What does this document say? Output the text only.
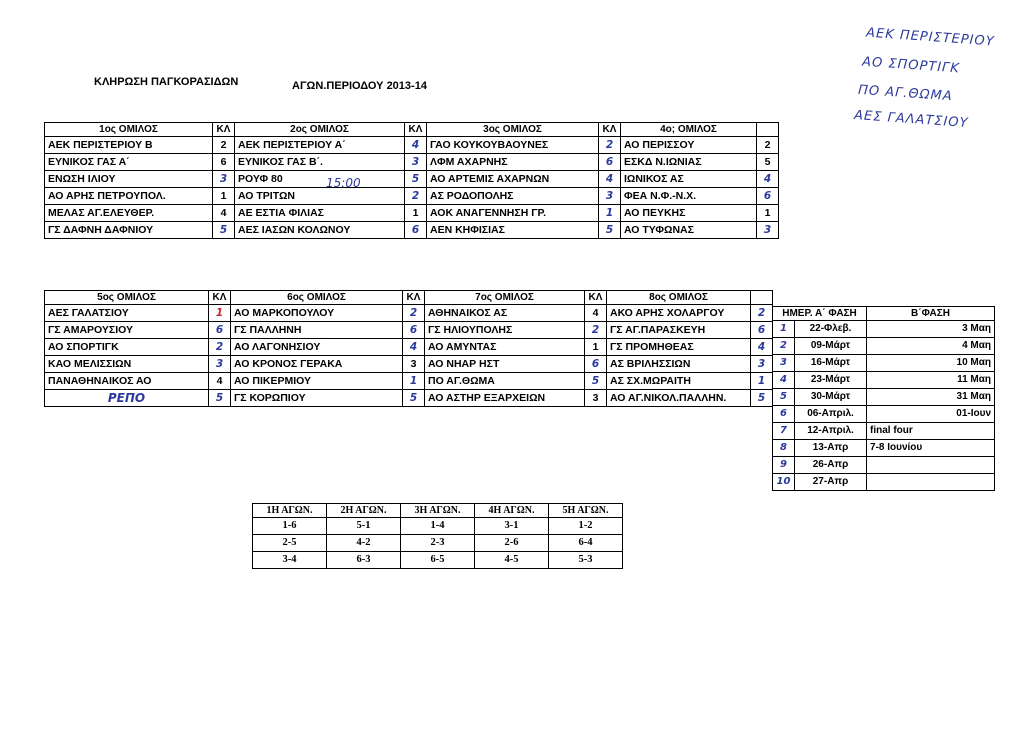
ΚΛΗΡΩΣΗ ΠΑΓΚΟΡΑΣΙΔΩΝ	ΑΓΩΝ.ΠΕΡΙΟΔΟΥ 2013-14
ΑΕΚ ΠΕΡΙΣΤΕΡΙΟΥ
ΑΟ ΣΠΟΡΤΙΓΚ
ΠΟ ΑΓ.ΘΩΜΑ
ΑΕΣ ΓΑΛΑΤΣΙΟΥ
1ος ΟΜΙΛΟΣ	ΚΛ	2ος ΟΜΙΛΟΣ	ΚΛ	3ος ΟΜΙΛΟΣ	ΚΛ	4ο; ΟΜΙΛΟΣ	
ΑΕΚ ΠΕΡΙΣΤΕΡΙΟΥ Β	2	ΑΕΚ ΠΕΡΙΣΤΕΡΙΟΥ Α΄	4	ΓΑΟ ΚΟΥΚΟΥΒΑΟΥΝΕΣ	2	ΑΟ ΠΕΡΙΣΣΟΥ	2
ΕΥΝΙΚΟΣ ΓΑΣ Α΄	6	ΕΥΝΙΚΟΣ ΓΑΣ Β΄.	3	ΛΦΜ ΑΧΑΡΝΗΣ	6	ΕΣΚΔ Ν.ΙΩΝΙΑΣ	5
ΕΝΩΣΗ ΙΛΙΟΥ	3	ΡΟΥΦ 80	5	ΑΟ ΑΡΤΕΜΙΣ ΑΧΑΡΝΩΝ	4	ΙΩΝΙΚΟΣ ΑΣ	4
ΑΟ ΑΡΗΣ ΠΕΤΡΟΥΠΟΛ.	1	ΑΟ ΤΡΙΤΩΝ	2	ΑΣ ΡΟΔΟΠΟΛΗΣ	3	ΦΕΑ Ν.Φ.-Ν.Χ.	6
ΜΕΛΑΣ ΑΓ.ΕΛΕΥΘΕΡ.	4	ΑΕ ΕΣΤΙΑ ΦΙΛΙΑΣ	1	ΑΟΚ ΑΝΑΓΕΝΝΗΣΗ ΓΡ.	1	ΑΟ ΠΕΥΚΗΣ	1
ΓΣ ΔΑΦΝΗ ΔΑΦΝΙΟΥ	5	ΑΕΣ ΙΑΣΩΝ ΚΟΛΩΝΟΥ	6	ΑΕΝ ΚΗΦΙΣΙΑΣ	5	ΑΟ ΤΥΦΩΝΑΣ	3
15:00
5ος ΟΜΙΛΟΣ	ΚΛ	6ος ΟΜΙΛΟΣ	ΚΛ	7ος ΟΜΙΛΟΣ	ΚΛ	8ος ΟΜΙΛΟΣ	
ΑΕΣ ΓΑΛΑΤΣΙΟΥ	1	ΑΟ ΜΑΡΚΟΠΟΥΛΟΥ	2	ΑΘΗΝΑΙΚΟΣ ΑΣ	4	ΑΚΟ ΑΡΗΣ ΧΟΛΑΡΓΟΥ	2
ΓΣ ΑΜΑΡΟΥΣΙΟΥ	6	ΓΣ ΠΑΛΛΗΝΗ	6	ΓΣ ΗΛΙΟΥΠΟΛΗΣ	2	ΓΣ ΑΓ.ΠΑΡΑΣΚΕΥΗ	6
ΑΟ ΣΠΟΡΤΙΓΚ	2	ΑΟ ΛΑΓΟΝΗΣΙΟΥ	4	ΑΟ ΑΜΥΝΤΑΣ	1	ΓΣ ΠΡΟΜΗΘΕΑΣ	4
ΚΑΟ ΜΕΛΙΣΣΙΩΝ	3	ΑΟ ΚΡΟΝΟΣ ΓΕΡΑΚΑ	3	ΑΟ ΝΗΑΡ ΗΣΤ	6	ΑΣ ΒΡΙΛΗΣΣΙΩΝ	3
ΠΑΝΑΘΗΝΑΙΚΟΣ ΑΟ	4	ΑΟ ΠΙΚΕΡΜΙΟΥ	1	ΠΟ ΑΓ.ΘΩΜΑ	5	ΑΣ ΣΧ.ΜΩΡΑΙΤΗ	1
ΡΕΠΟ	5	ΓΣ ΚΟΡΩΠΙΟΥ	5	ΑΟ ΑΣΤΗΡ ΕΞΑΡΧΕΙΩΝ	3	ΑΟ ΑΓ.ΝΙΚΟΛ.ΠΑΛΛΗΝ.	5
ΗΜΕΡ. Α΄ ΦΑΣΗ		Β΄ΦΑΣΗ
1	22-Φλεβ.	3 Μαη
2	09-Μάρτ	4 Μαη
3	16-Μάρτ	10 Μαη
4	23-Μάρτ	11 Μαη
5	30-Μάρτ	31 Μαη
6	06-Απριλ.	01-Ιουν
7	12-Απριλ.	final four
8	13-Απρ	7-8 Ιουνίου
9	26-Απρ	
10	27-Απρ	
1Η ΑΓΩΝ.	2Η ΑΓΩΝ.	3Η ΑΓΩΝ.	4Η ΑΓΩΝ.	5Η ΑΓΩΝ.
1-6	5-1	1-4	3-1	1-2
2-5	4-2	2-3	2-6	6-4
3-4	6-3	6-5	4-5	5-3
